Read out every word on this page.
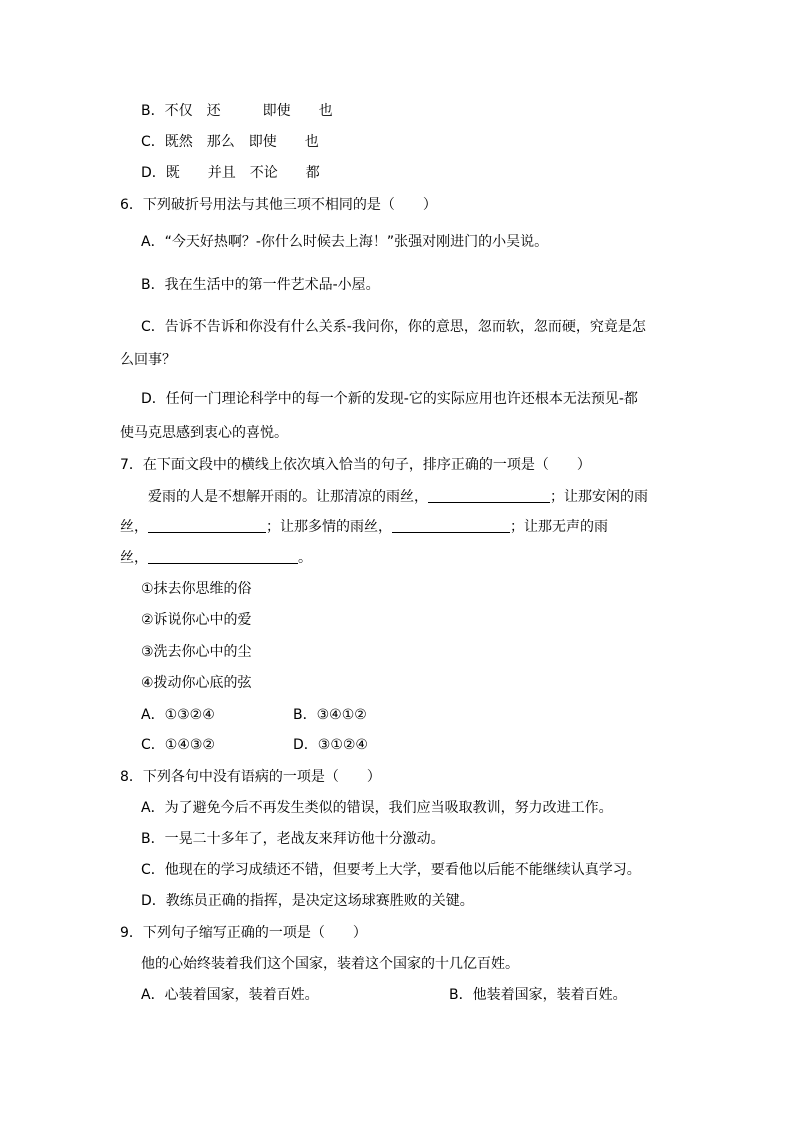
B．不仅　还　　　即使　　也
C．既然　那么　即使　　也
D．既　　并且　不论　　都
6．下列破折号用法与其他三项不相同的是（　　）
A．“今天好热啊？-你什么时候去上海！”张强对刚进门的小吴说。
B．我在生活中的第一件艺术品-小屋。
C．告诉不告诉和你没有什么关系-我问你，你的意思，忽而软，忽而硬，究竟是怎
么回事？
D．任何一门理论科学中的每一个新的发现-它的实际应用也许还根本无法预见-都
使马克思感到衷心的喜悦。
7．在下面文段中的横线上依次填入恰当的句子，排序正确的一项是（　　）
爱雨的人是不想解开雨的。让那清凉的雨丝，	；让那安闲的雨
丝，	；让那多情的雨丝，	；让那无声的雨
丝，	。
①抹去你思维的俗
②诉说你心中的爱
③洗去你心中的尘
④拨动你心底的弦
A．①③②④	B．③④①②
C．①④③②	D．③①②④
8．下列各句中没有语病的一项是（　　）
A．为了避免今后不再发生类似的错误，我们应当吸取教训，努力改进工作。
B．一晃二十多年了，老战友来拜访他十分激动。
C．他现在的学习成绩还不错，但要考上大学，要看他以后能不能继续认真学习。
D．教练员正确的指挥，是决定这场球赛胜败的关键。
9．下列句子缩写正确的一项是（　　）
他的心始终装着我们这个国家，装着这个国家的十几亿百姓。
A．心装着国家，装着百姓。	B．他装着国家，装着百姓。
